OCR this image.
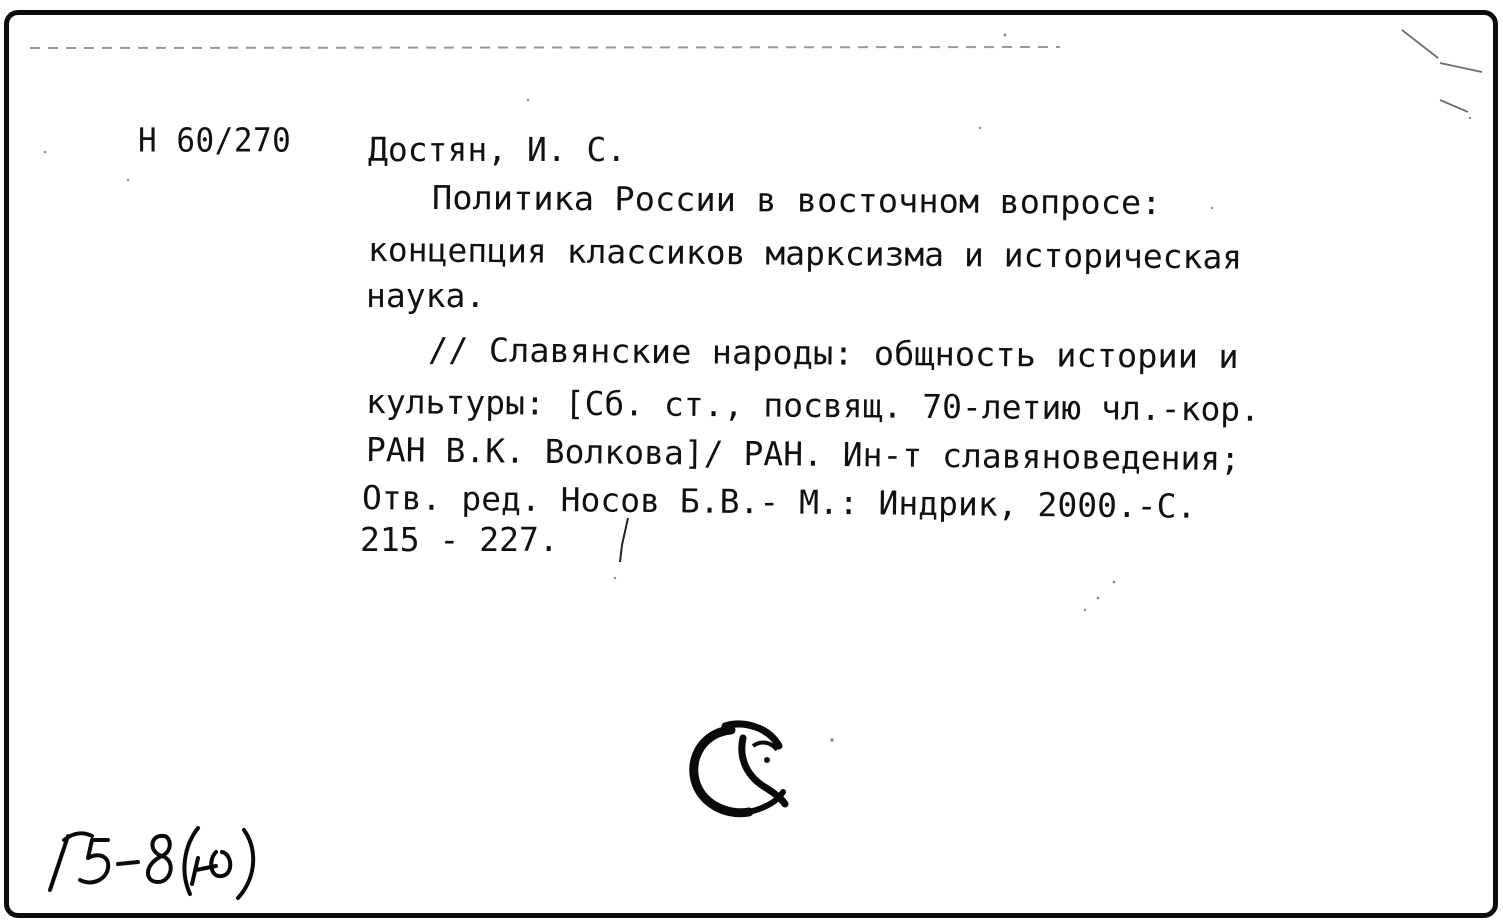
Н 60/270 Достян, И. С.
Политика России в восточном вопросе:
концепция классиков марксизма и историческая
наука.
// Славянские народы: общность истории и
культуры: [Сб. ст., посвящ. 70-летию чл.-кор.
РАН В.К. Волкова]/ РАН. Ин-т славяноведения;
Отв. ред. Носов Б.В.- М.: Индрик, 2000.-С.
215 - 227.
